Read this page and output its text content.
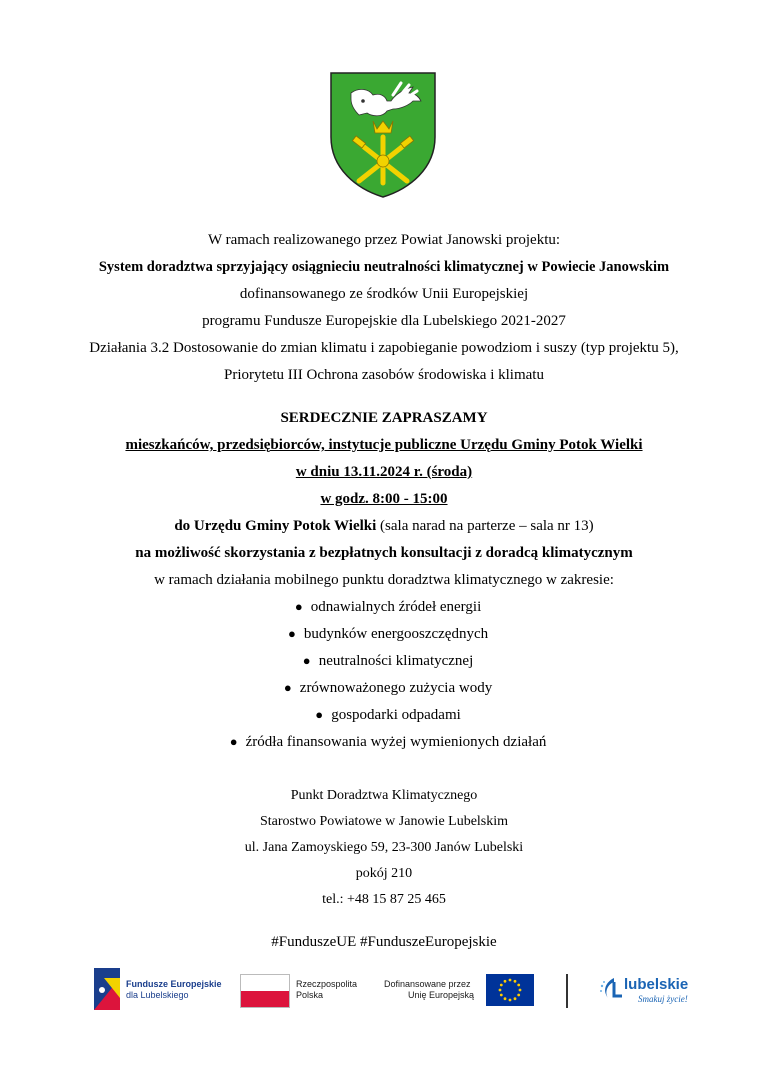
W ramach realizowanego przez Powiat Janowski projektu:
System doradztwa sprzyjający osiągnieciu neutralności klimatycznej w Powiecie Janowskim
dofinansowanego ze środków Unii Europejskiej
programu Fundusze Europejskie dla Lubelskiego 2021-2027
Działania 3.2 Dostosowanie do zmian klimatu i zapobieganie powodziom i suszy (typ projektu 5),
Priorytetu III Ochrona zasobów środowiska i klimatu
SERDECZNIE ZAPRASZAMY
mieszkańców, przedsiębiorców, instytucje publiczne Urzędu Gminy Potok Wielki
w dniu 13.11.2024 r. (środa)
w godz. 8:00 - 15:00
do Urzędu Gminy Potok Wielki (sala narad na parterze – sala nr 13)
na możliwość skorzystania z bezpłatnych konsultacji z doradcą klimatycznym
w ramach działania mobilnego punktu doradztwa klimatycznego w zakresie:
● odnawialnych źródeł energii
● budynków energooszczędnych
● neutralności klimatycznej
● zrównoważonego zużycia wody
● gospodarki odpadami
● źródła finansowania wyżej wymienionych działań
Punkt Doradztwa Klimatycznego
Starostwo Powiatowe w Janowie Lubelskim
ul. Jana Zamoyskiego 59, 23-300 Janów Lubelski
pokój 210
tel.: +48 15 87 25 465
#FunduszeUE #FunduszeEuropejskie
Fundusze Europejskie
dla Lubelskiego
Rzeczpospolita
Polska
Dofinansowane przez
Unię Europejską
lubelskie
Smakuj życie!
